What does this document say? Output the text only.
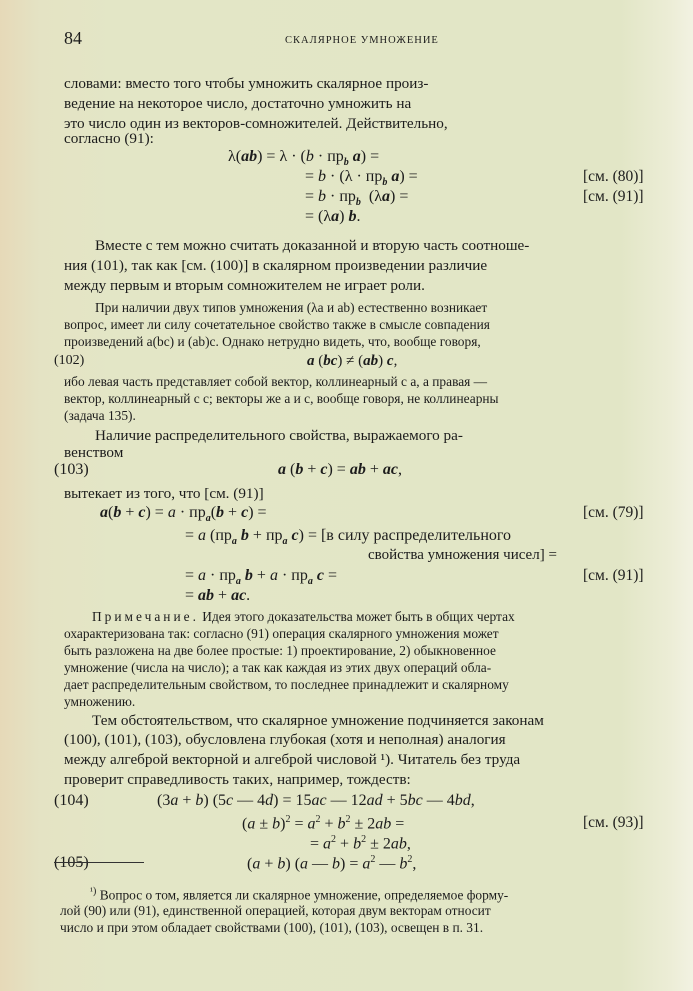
84	СКАЛЯРНОЕ УМНОЖЕНИЕ
словами: вместо того чтобы умножить скалярное произ-
ведение на некоторое число, достаточно умножить на
это число один из векторов-сомножителей. Действительно,
согласно (91):
$\lambda(ab) = \lambda \cdot (b \cdot пр_b$ a) =
= $b \cdot (\lambda \cdot пр_b$ a) =	[см. (80)]
= $b \cdot пр_b$  (λa) =	[см. (91)]
= (λa) b.
Вместе с тем можно считать доказанной и вторую часть соотноше-
ния (101), так как [см. (100)] в скалярном произведении различие
между первым и вторым сомножителем не играет роли.
При наличии двух типов умножения (λa и ab) естественно возникает
вопрос, имеет ли силу сочетательное свойство также в смысле совпадения
произведений a(bc) и (ab)c. Однако нетрудно видеть, что, вообще говоря,
(102)	a (bc) ≠ (ab) c,
ибо левая часть представляет собой вектор, коллинеарный с a, а правая —
вектор, коллинеарный с c; векторы же a и c, вообще говоря, не коллинеарны
(задача 135).
Наличие распределительного свойства, выражаемого ра-
венством
(103)	a (b + c) = ab + ac,
вытекает из того, что [см. (91)]
$a(b + c) = a \cdot пр_a(b + c)$ =	[см. (79)]
= a ($пр_a$ $b + пр_a$ c) = [в силу распределительного
свойства умножения чисел] =
= $a \cdot пр_a$ $b + a \cdot пр_a$ c =	[см. (91)]
= ab + ac.
Примечание. Идея этого доказательства может быть в общих чертах
охарактеризована так: согласно (91) операция скалярного умножения может
быть разложена на две более простые: 1) проектирование, 2) обыкновенное
умножение (числа на число); а так как каждая из этих двух операций обла-
дает распределительным свойством, то последнее принадлежит и скалярному
умножению.
Тем обстоятельством, что скалярное умножение подчиняется законам
(100), (101), (103), обусловлена глубокая (хотя и неполная) аналогия
между алгеброй векторной и алгеброй числовой ¹). Читатель без труда
проверит справедливость таких, например, тождеств:
(104)	(3a + b) (5c — 4d) = 15ac — 12ad + 5bc — 4bd,
$(a \pm b)^2 = a^2 + b^2 \pm 2ab$ =	[см. (93)]
= $a^2 + b^2 \pm 2ab$,
(105)	(a + b) (a — $b) = a^2$ — $b^2$,
$^{^1)}$ Вопрос о том, является ли скалярное умножение, определяемое форму-
лой (90) или (91), единственной операцией, которая двум векторам относит
число и при этом обладает свойствами (100), (101), (103), освещен в п. 31.
